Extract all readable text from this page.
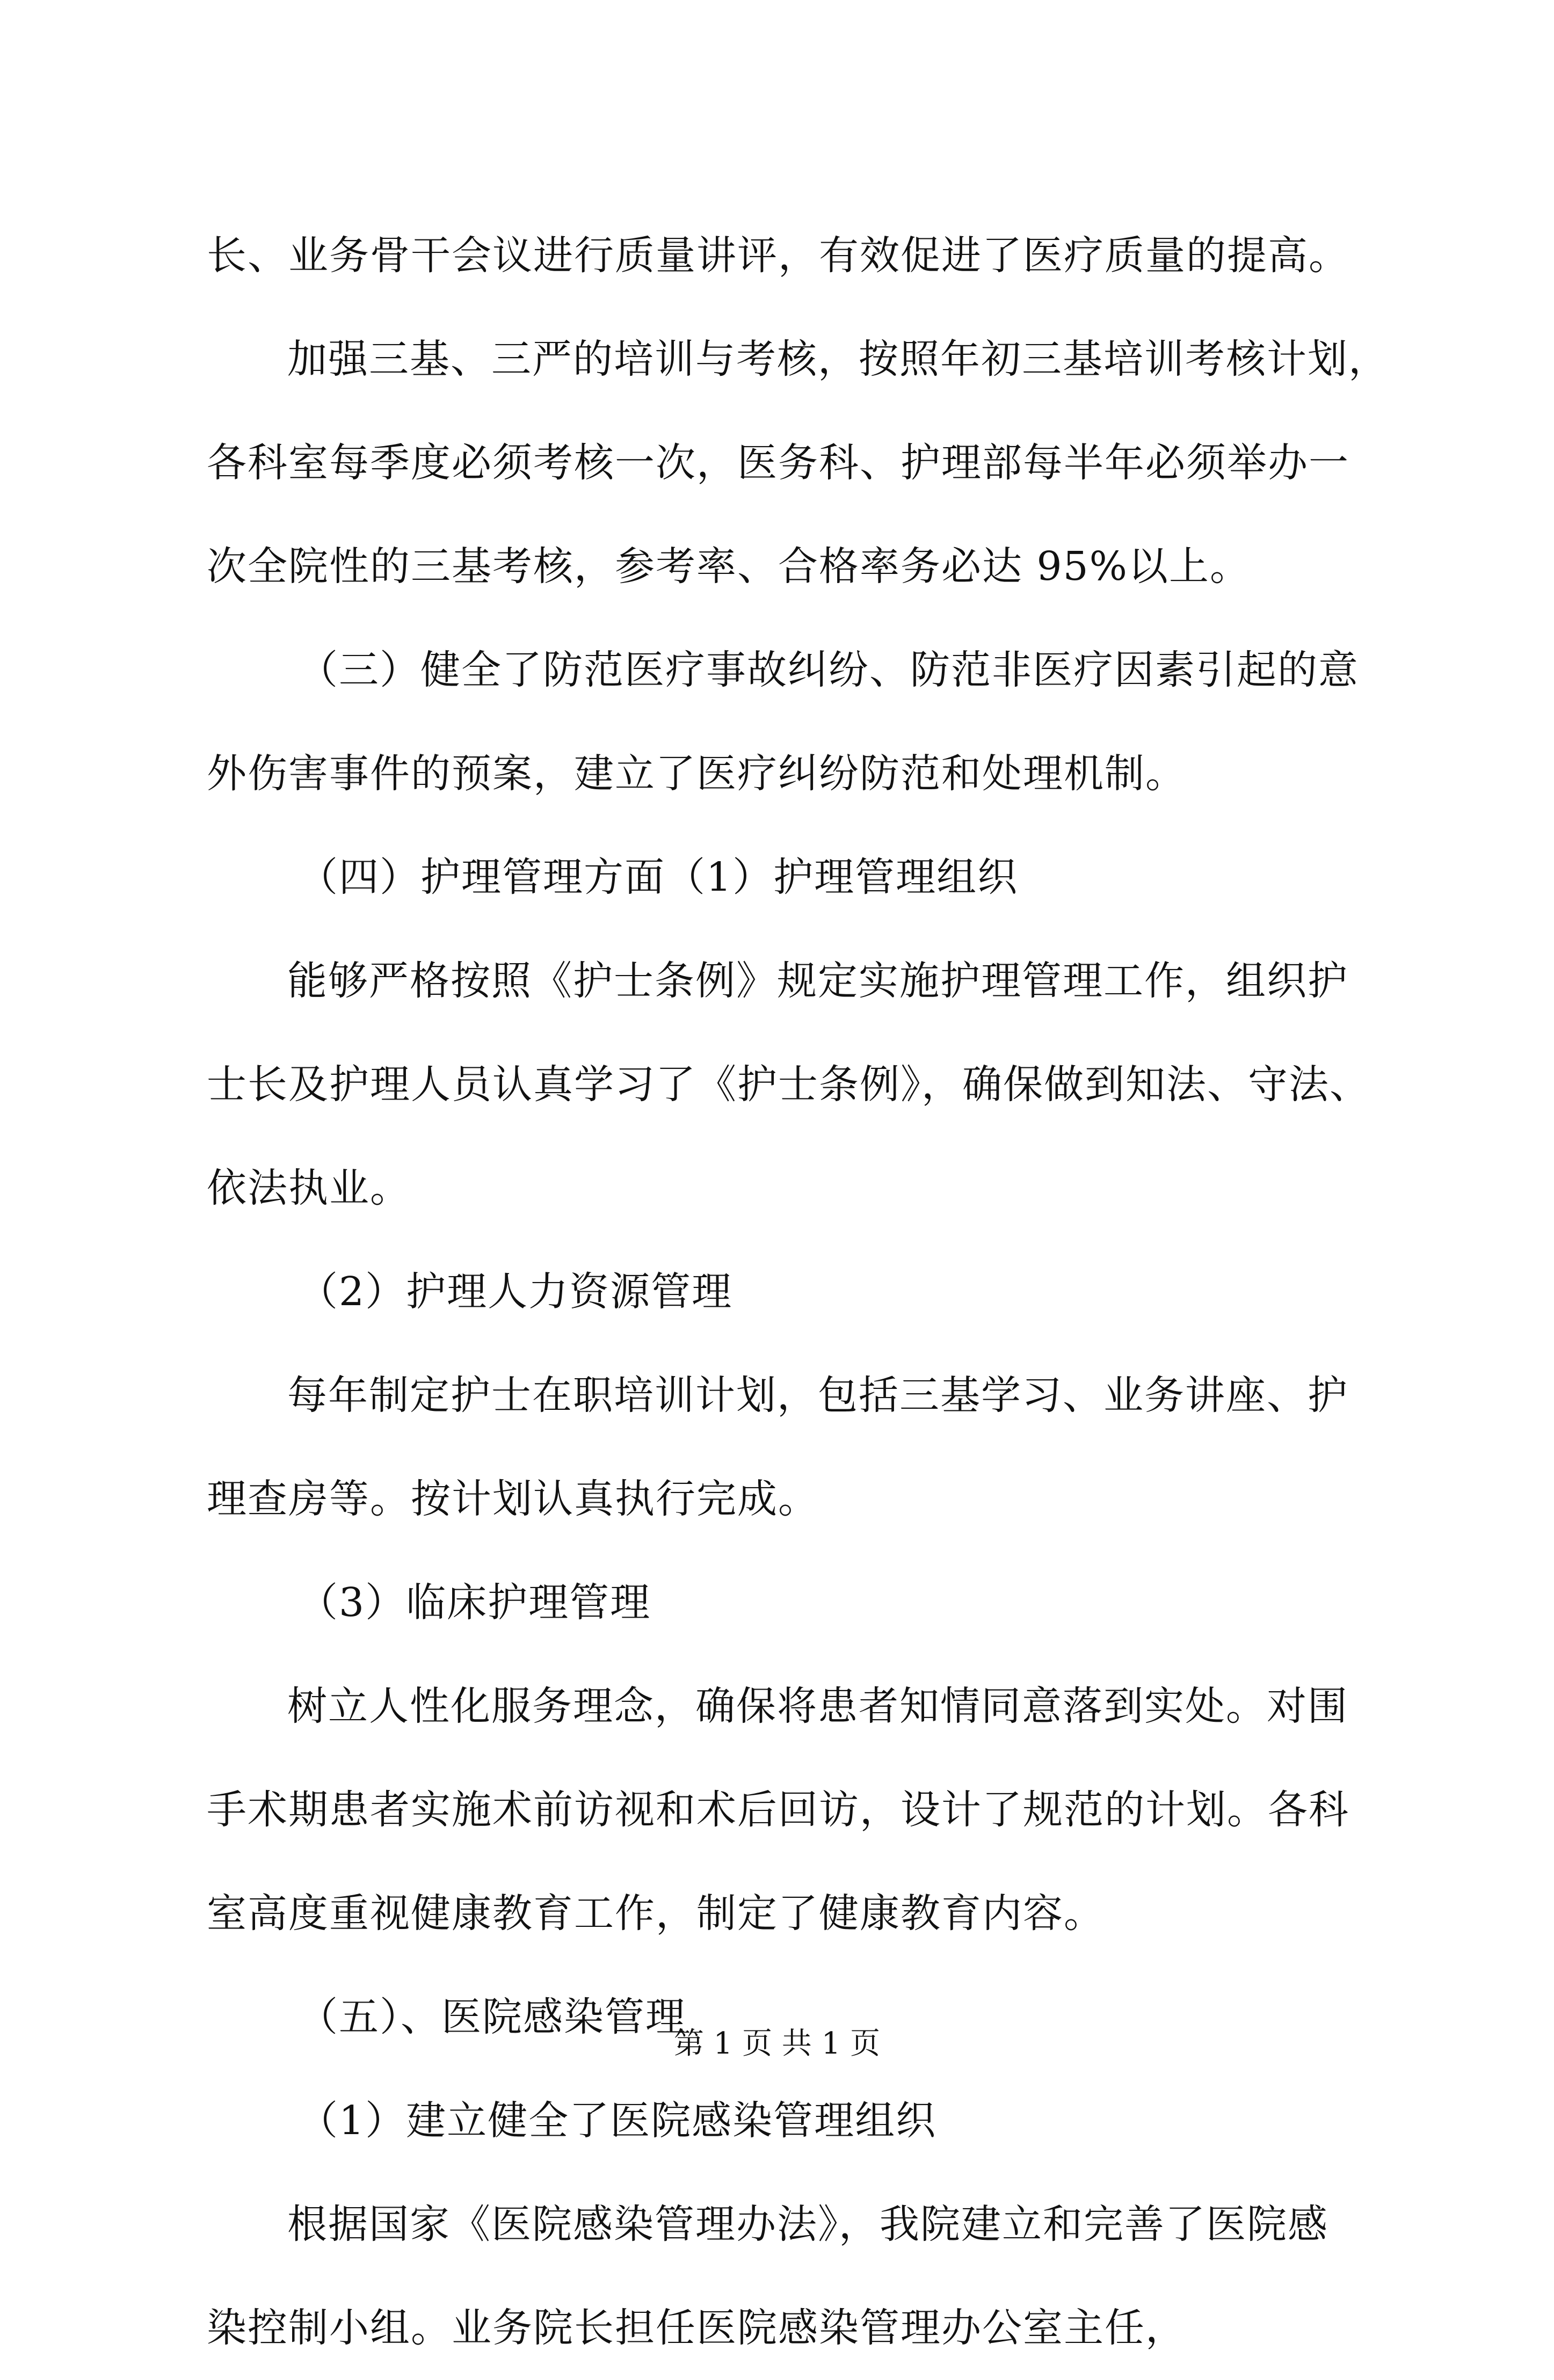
长、业务骨干会议进行质量讲评，有效促进了医疗质量的提高。
加强三基、三严的培训与考核，按照年初三基培训考核计划，
各科室每季度必须考核一次，医务科、护理部每半年必须举办一
次全院性的三基考核，参考率、合格率务必达 95%以上。
（三）健全了防范医疗事故纠纷、防范非医疗因素引起的意
外伤害事件的预案，建立了医疗纠纷防范和处理机制。
（四）护理管理方面（1）护理管理组织
能够严格按照《护士条例》规定实施护理管理工作，组织护
士长及护理人员认真学习了《护士条例》，确保做到知法、守法、
依法执业。
（2）护理人力资源管理
每年制定护士在职培训计划，包括三基学习、业务讲座、护
理查房等。按计划认真执行完成。
（3）临床护理管理
树立人性化服务理念，确保将患者知情同意落到实处。对围
手术期患者实施术前访视和术后回访，设计了规范的计划。各科
室高度重视健康教育工作，制定了健康教育内容。
（五）、医院感染管理
（1）建立健全了医院感染管理组织
根据国家《医院感染管理办法》，我院建立和完善了医院感
染控制小组。业务院长担任医院感染管理办公室主任，
第 1 页 共 1 页
